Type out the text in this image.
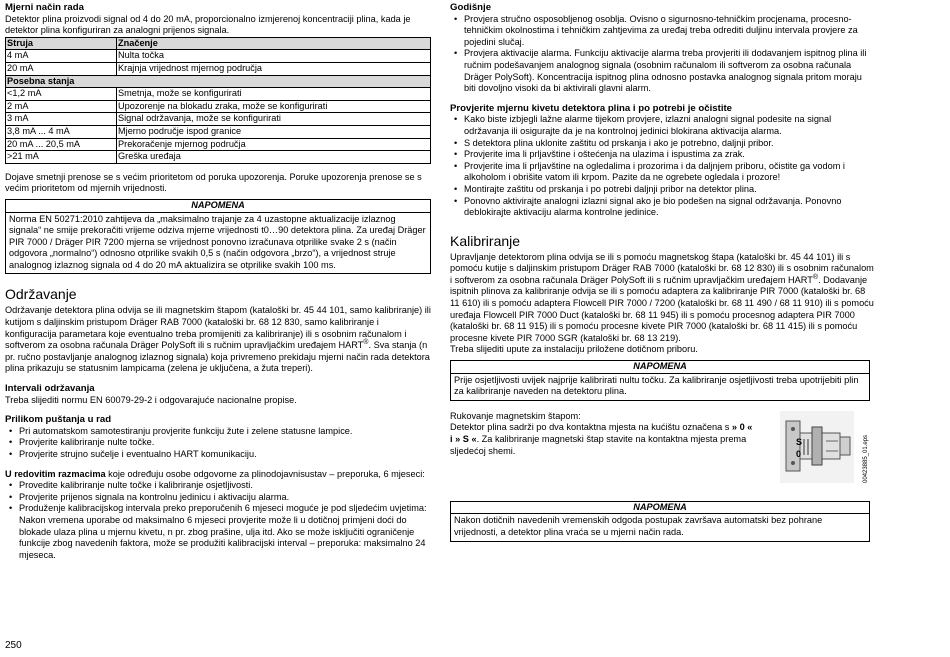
Mjerni način rada

Detektor plina proizvodi signal od 4 do 20 mA, proporcionalno izmjerenoj koncentraciji plina, kada je detektor plina konfiguriran za analogni prijenos signala.

Struja	Značenje
4 mA	Nulta točka
20 mA	Krajnja vrijednost mjernog područja
Posebna stanja	
<1,2 mA	Smetnja, može se konfigurirati
2 mA	Upozorenje na blokadu zraka, može se konfigurirati
3 mA	Signal održavanja, može se konfigurirati
3,8 mA ... 4 mA	Mjerno područje ispod granice
20 mA ... 20,5 mA	Prekoračenje mjernog područja
>21 mA	Greška uređaja

Dojave smetnji prenose se s većim prioritetom od poruka upozorenja. Poruke upozorenja prenose se s većim prioritetom od mjernih vrijednosti.

NAPOMENA
Norma EN 50271:2010 zahtijeva da „maksimalno trajanje za 4 uzastopne aktualizacije izlaznog signala“ ne smije prekoračiti vrijeme odziva mjerne vrijednosti t0…90 detektora plina. Za uređaj Dräger PIR 7000 / Dräger PIR 7200 mjerna se vrijednost ponovno izračunava otprilike svake 2 s (način odgovora „normalno“) odnosno otprilike svakih 0,5 s (način odgovora „brzo“), a vrijednost struje analognog izlaznog signala od 4 do 20 mA aktualizira se otprilike svakih 100 ms.

Održavanje

Održavanje detektora plina odvija se ili magnetskim štapom (kataloški br. 45 44 101, samo kalibriranje) ili kutijom s daljinskim pristupom Dräger RAB 7000 (kataloški br. 68 12 830, samo kalibriranje i konfiguracija parametara koje eventualno treba promijeniti za kalibriranje) ili s osobnim računalom i softverom za osobna računala Dräger PolySoft ili s ručnim upravljačkim uređajem HART®. Sva stanja (n pr. ručno postavljanje analognog izlaznog signala) koja privremeno prekidaju mjerni način rada detektora plina prikazuju se statusnim lampicama (zelena je uključena, a žuta treperi).

Intervali održavanja

Treba slijediti normu EN 60079-29-2 i odgovarajuće nacionalne propise.

Prilikom puštanja u rad

• Pri automatskom samotestiranju provjerite funkciju žute i zelene statusne lampice.
• Provjerite kalibriranje nulte točke.
• Provjerite strujno sučelje i eventualno HART komunikaciju.

U redovitim razmacima koje određuju osobe odgovorne za plinodojavnisustav – preporuka, 6 mjeseci:

• Provedite kalibriranje nulte točke i kalibriranje osjetljivosti.
• Provjerite prijenos signala na kontrolnu jedinicu i aktivaciju alarma.
• Produženje kalibracijskog intervala preko preporučenih 6 mjeseci moguće je pod sljedećim uvjetima: Nakon vremena uporabe od maksimalno 6 mjeseci provjerite može li u dotičnoj primjeni doći do blokade ulaza plina u mjernu kivetu, n pr. zbog prašine, ulja itd. Ako se može isključiti ograničenje funkcije zbog navedenih faktora, može se produžiti kalibracijski interval – preporuka: maksimalno 24 mjeseca.
250

Godišnje

• Provjera stručno osposobljenog osoblja. Ovisno o sigurnosno-tehničkim procjenama, procesno-tehničkim okolnostima i tehničkim zahtjevima za uređaj treba odrediti duljinu intervala provjere za pojedini slučaj.
• Provjera aktivacije alarma. Funkciju aktivacije alarma treba provjeriti ili dodavanjem ispitnog plina ili ručnim podešavanjem analognog signala (osobnim računalom ili softverom za osobna računala Dräger PolySoft). Koncentracija ispitnog plina odnosno postavka analognog signala pritom moraju biti dovoljno visoki da bi aktivirali glavni alarm.

Provjerite mjernu kivetu detektora plina i po potrebi je očistite

• Kako biste izbjegli lažne alarme tijekom provjere, izlazni analogni signal podesite na signal održavanja ili osigurajte da je na kontrolnoj jedinici blokirana aktivacija alarma.
• S detektora plina uklonite zaštitu od prskanja i ako je potrebno, daljnji pribor.
• Provjerite ima li prljavštine i oštećenja na ulazima i ispustima za zrak.
• Provjerite ima li prljavštine na ogledalima i prozorima i da daljnjem priboru, očistite ga vodom i alkoholom i obrišite vatom ili krpom. Pazite da ne ogrebete ogledala i prozore!
• Montirajte zaštitu od prskanja i po potrebi daljnji pribor na detektor plina.
• Ponovno aktivirajte analogni izlazni signal ako je bio podešen na signal održavanja. Ponovno deblokirajte aktivaciju alarma kontrolne jedinice.

Kalibriranje

Upravljanje detektorom plina odvija se ili s pomoću magnetskog štapa (kataloški br. 45 44 101) ili s pomoću kutije s daljinskim pristupom Dräger RAB 7000 (kataloški br. 68 12 830) ili s osobnim računalom i softverom za osobna računala Dräger PolySoft ili s ručnim upravljačkim uređajem HART®. Dodavanje ispitnih plinova za kalibriranje odvija se ili s pomoću adaptera za kalibriranje PIR 7000 (kataloški br. 68 11 610) ili s pomoću adaptera Flowcell PIR 7000 / 7200 (kataloški br. 68 11 490 / 68 11 910) ili s pomoću uređaja Flowcell PIR 7000 Duct (kataloški br. 68 11 945) ili s pomoću procesnog adaptera PIR 7000 (kataloški br. 68 11 915) ili s pomoću procesne kivete PIR 7000 (kataloški br. 68 11 415) ili s pomoću procesne kivete PIR 7000 SGR (kataloški br. 68 13 219).

Treba slijediti upute za instalaciju priložene dotičnom priboru.

NAPOMENA
Prije osjetljivosti uvijek najprije kalibrirati nultu točku. Za kalibriranje osjetljivosti treba upotrijebiti plin za kalibriranje naveden na detektoru plina.

Rukovanje magnetskim štapom:

Detektor plina sadrži po dva kontaktna mjesta na kućištu označena s » 0 « i » S «. Za kalibriranje magnetski štap stavite na kontaktna mjesta prema sljedećoj shemi.

S
0	00423885_01.eps
NAPOMENA
Nakon dotičnih navedenih vremenskih odgoda postupak završava automatski bez pohrane vrijednosti, a detektor plina vraća se u mjerni način rada.
